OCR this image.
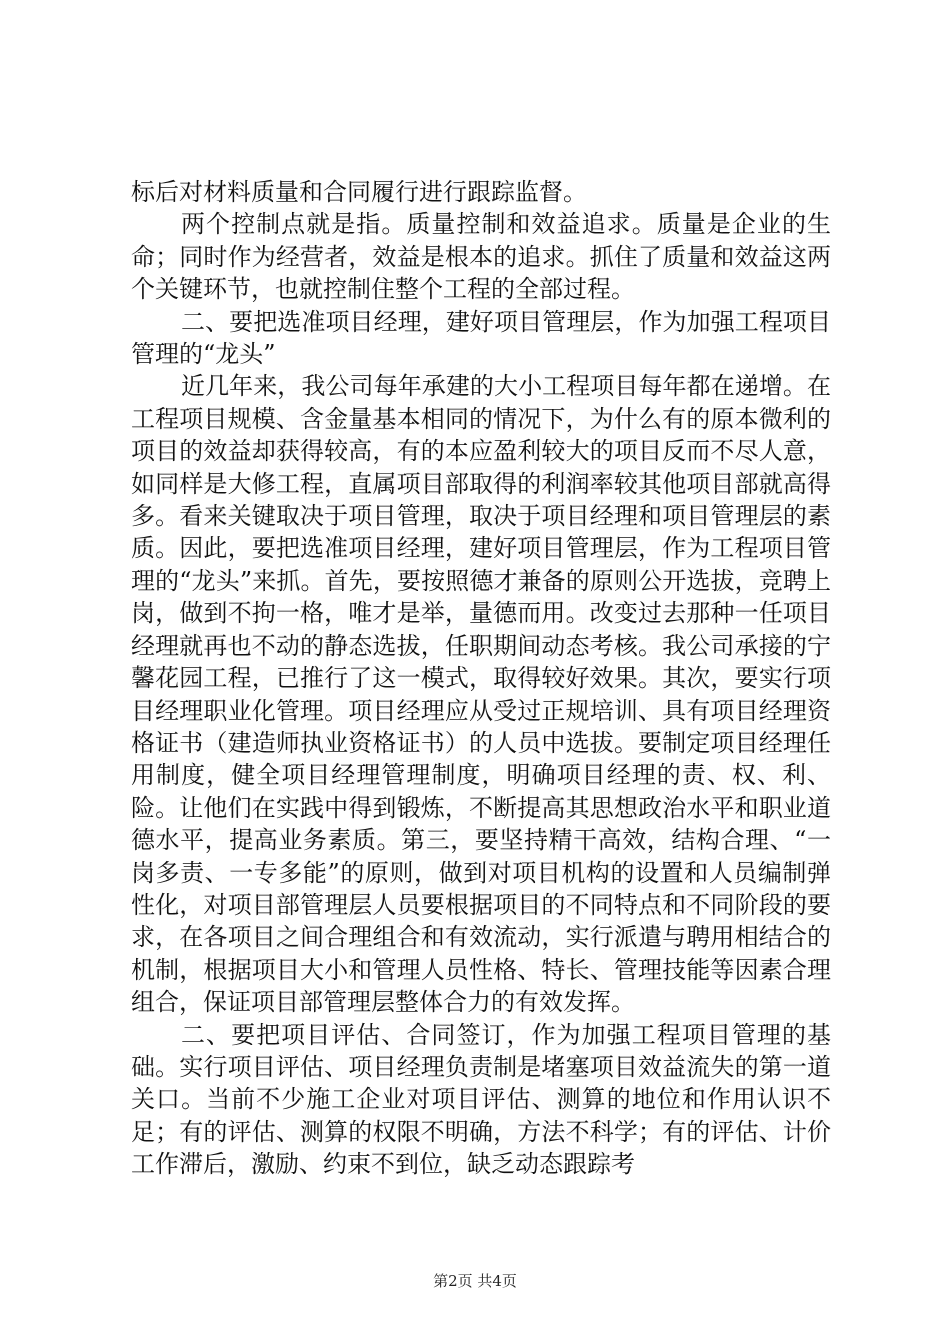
标后对材料质量和合同履行进行跟踪监督。

两个控制点就是指。质量控制和效益追求。质量是企业的生命；同时作为经营者，效益是根本的追求。抓住了质量和效益这两个关键环节，也就控制住整个工程的全部过程。

二、要把选准项目经理，建好项目管理层，作为加强工程项目管理的“龙头”

近几年来，我公司每年承建的大小工程项目每年都在递增。在工程项目规模、含金量基本相同的情况下，为什么有的原本微利的项目的效益却获得较高，有的本应盈利较大的项目反而不尽人意，如同样是大修工程，直属项目部取得的利润率较其他项目部就高得多。看来关键取决于项目管理，取决于项目经理和项目管理层的素质。因此，要把选准项目经理，建好项目管理层，作为工程项目管理的“龙头”来抓。首先，要按照德才兼备的原则公开选拔，竞聘上岗，做到不拘一格，唯才是举，量德而用。改变过去那种一任项目经理就再也不动的静态选拔，任职期间动态考核。我公司承接的宁馨花园工程，已推行了这一模式，取得较好效果。其次，要实行项目经理职业化管理。项目经理应从受过正规培训、具有项目经理资格证书（建造师执业资格证书）的人员中选拔。要制定项目经理任用制度，健全项目经理管理制度，明确项目经理的责、权、利、险。让他们在实践中得到锻炼，不断提高其思想政治水平和职业道德水平，提高业务素质。第三，要坚持精干高效，结构合理、“一岗多责、一专多能”的原则，做到对项目机构的设置和人员编制弹性化，对项目部管理层人员要根据项目的不同特点和不同阶段的要求，在各项目之间合理组合和有效流动，实行派遣与聘用相结合的机制，根据项目大小和管理人员性格、特长、管理技能等因素合理组合，保证项目部管理层整体合力的有效发挥。

二、要把项目评估、合同签订，作为加强工程项目管理的基础。实行项目评估、项目经理负责制是堵塞项目效益流失的第一道关口。当前不少施工企业对项目评估、测算的地位和作用认识不足；有的评估、测算的权限不明确，方法不科学；有的评估、计价工作滞后，激励、约束不到位，缺乏动态跟踪考

第2页 共4页
